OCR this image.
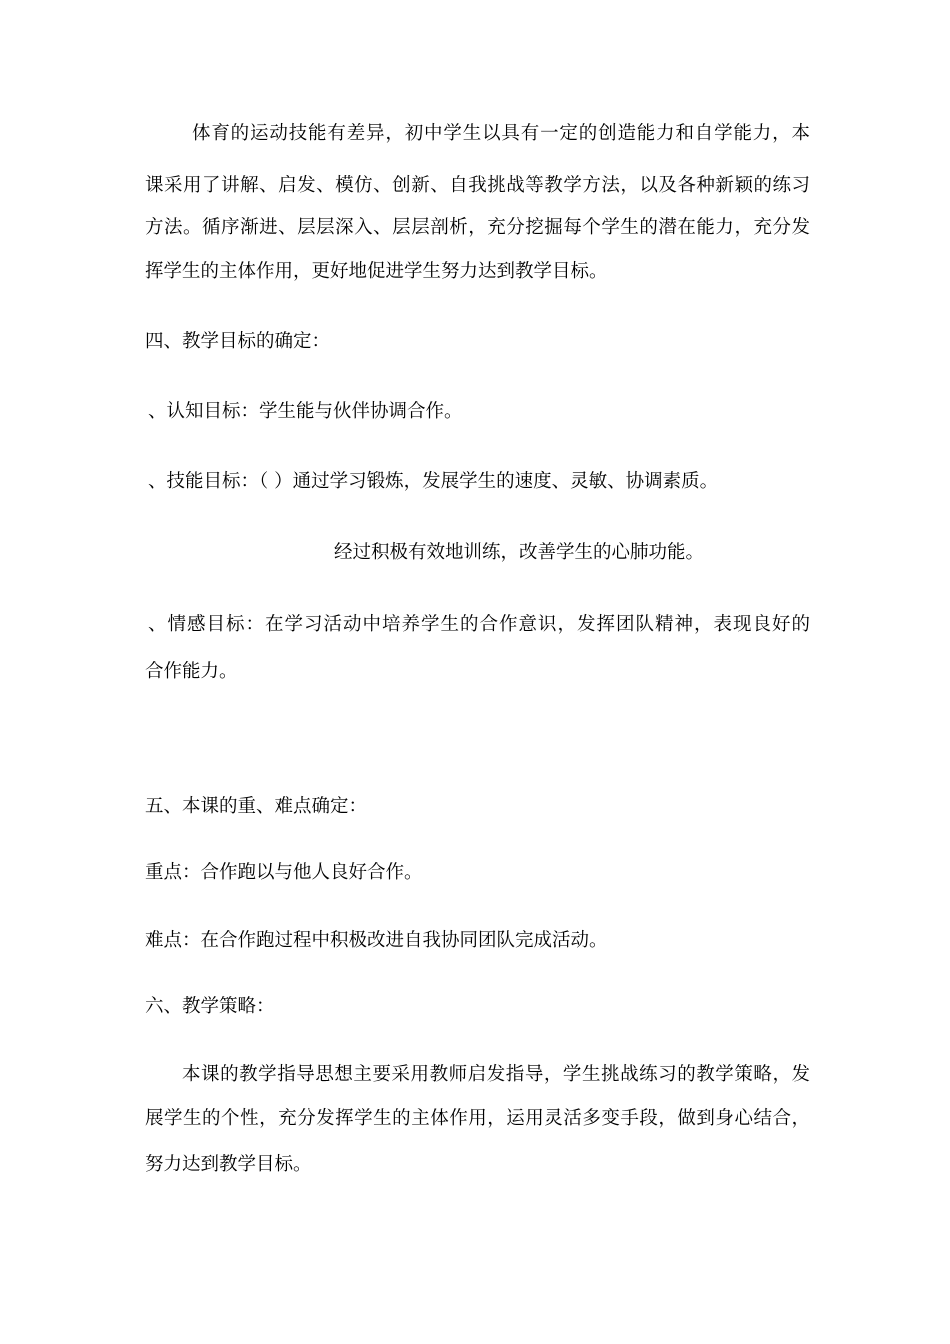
体育的运动技能有差异，初中学生以具有一定的创造能力和自学能力，本
课采用了讲解、启发、模仿、创新、自我挑战等教学方法，以及各种新颖的练习
方法。循序渐进、层层深入、层层剖析，充分挖掘每个学生的潜在能力，充分发
挥学生的主体作用，更好地促进学生努力达到教学目标。
四、教学目标的确定：
、认知目标：学生能与伙伴协调合作。
、技能目标：（ ）通过学习锻炼，发展学生的速度、灵敏、协调素质。
经过积极有效地训练，改善学生的心肺功能。
、情感目标：在学习活动中培养学生的合作意识，发挥团队精神，表现良好的
合作能力。
五、本课的重、难点确定：
重点：合作跑以与他人良好合作。
难点：在合作跑过程中积极改进自我协同团队完成活动。
六、教学策略：
本课的教学指导思想主要采用教师启发指导，学生挑战练习的教学策略，发
展学生的个性，充分发挥学生的主体作用，运用灵活多变手段，做到身心结合，
努力达到教学目标。
